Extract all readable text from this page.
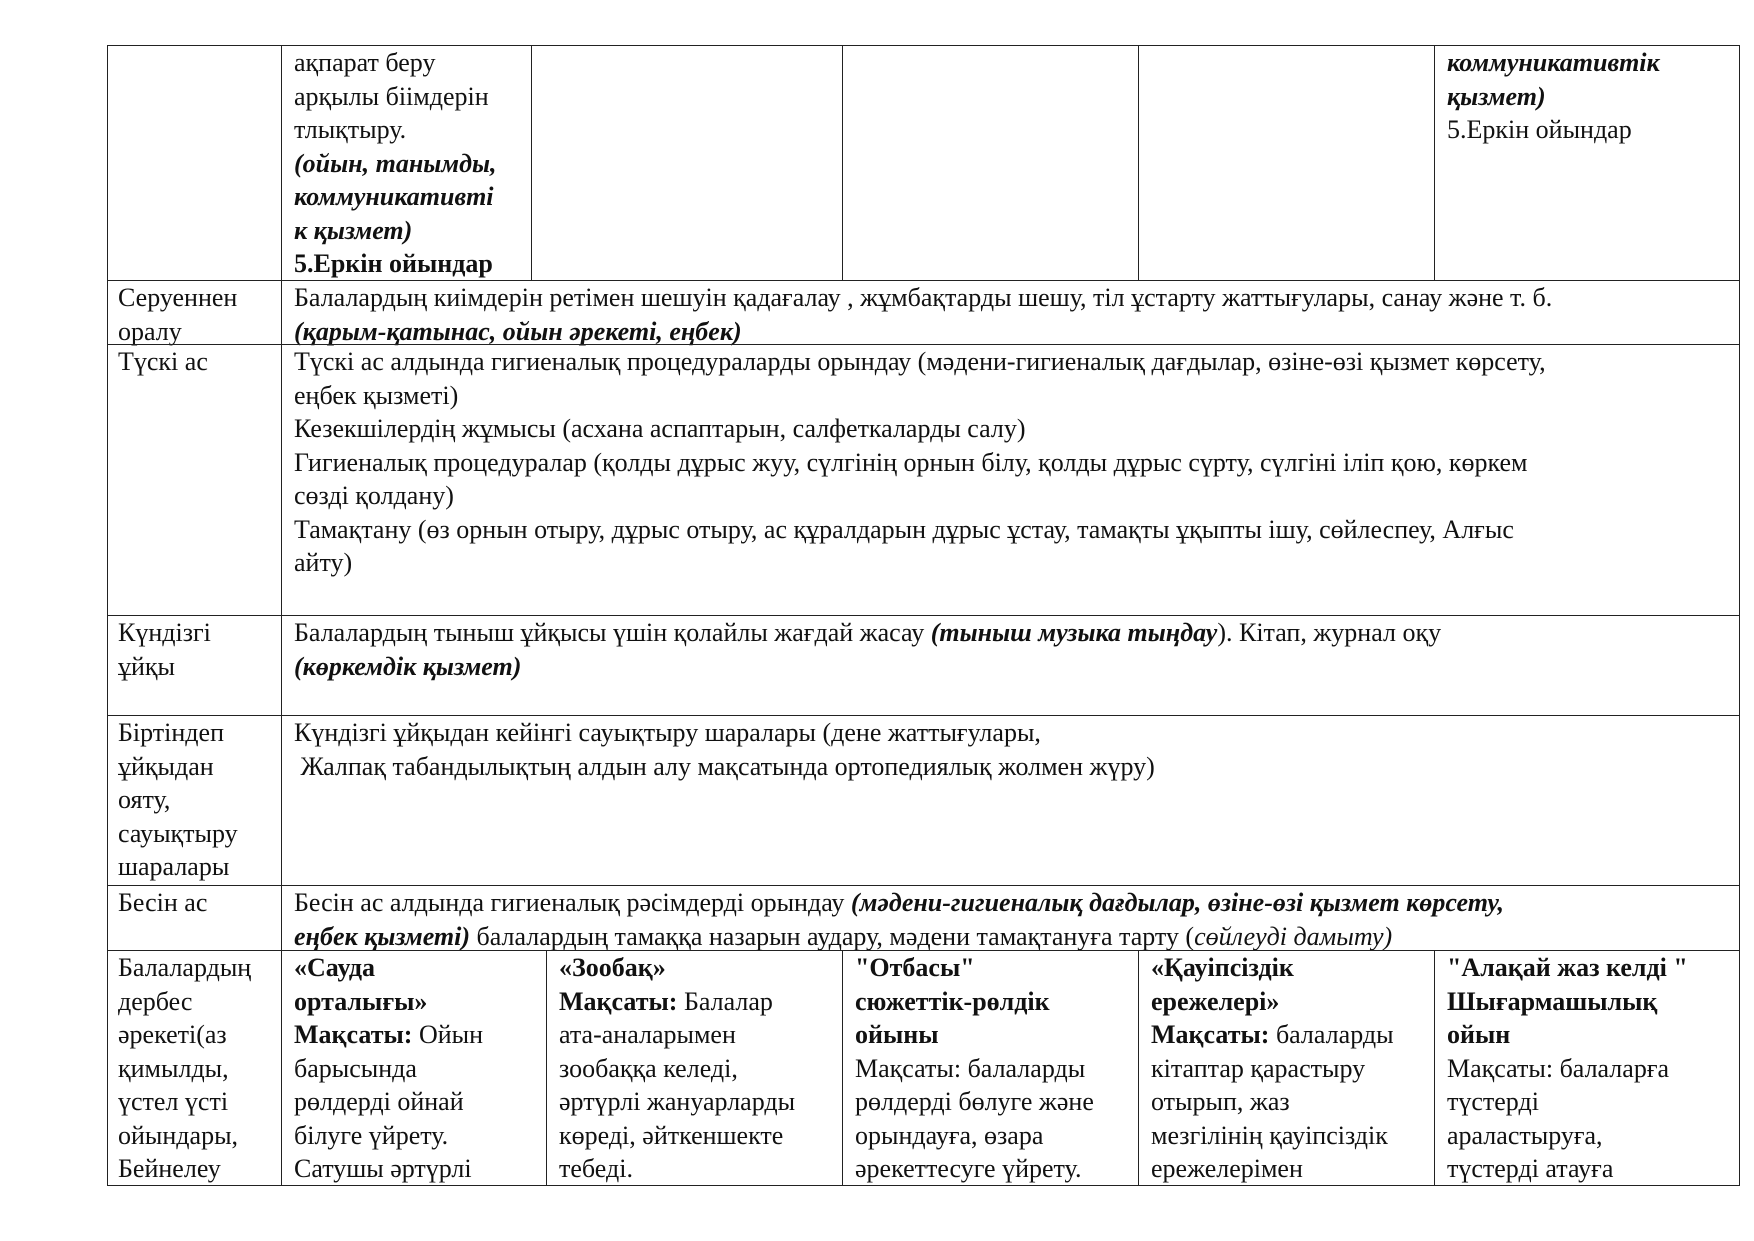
ақпарат беру
арқылы біімдерін
тлықтыру.
(ойын, танымды,
коммуникативті
к қызмет)
5.Еркін ойындар
коммуникативтік
қызмет)
5.Еркін ойындар
Серуеннен
оралу
Балалардың киімдерін ретімен шешуін қадағалау , жұмбақтарды шешу, тіл ұстарту жаттығулары, санау және т. б.
(қарым-қатынас, ойын әрекеті, еңбек)
Түскі ас	Түскі ас алдында гигиеналық процедураларды орындау (мәдени-гигиеналық дағдылар, өзіне-өзі қызмет көрсету,
еңбек қызметі)
Кезекшілердің жұмысы (асхана аспаптарын, салфеткаларды салу)
Гигиеналық процедуралар (қолды дұрыс жуу, сүлгінің орнын білу, қолды дұрыс сүрту, сүлгіні іліп қою, көркем
сөзді қолдану)
Тамақтану (өз орнын отыру, дұрыс отыру, ас құралдарын дұрыс ұстау, тамақты ұқыпты ішу, сөйлеспеу, Алғыс
айту)
Күндізгі
ұйқы
Балалардың тыныш ұйқысы үшін қолайлы жағдай жасау (тыныш музыка тыңдау). Кітап, журнал оқу
(көркемдік қызмет)
Біртіндеп
ұйқыдан
ояту,
сауықтыру
шаралары
Күндізгі ұйқыдан кейінгі сауықтыру шаралары (дене жаттығулары,
Жалпақ табандылықтың алдын алу мақсатында ортопедиялық жолмен жүру)
Бесін ас	Бесін ас алдында гигиеналық рәсімдерді орындау (мәдени-гигиеналық дағдылар, өзіне-өзі қызмет көрсету,
еңбек қызметі) балалардың тамаққа назарын аудару, мәдени тамақтануға тарту (сөйлеуді дамыту)
Балалардың
дербес
әрекеті(аз
қимылды,
үстел үсті
ойындары,
Бейнелеу
«Сауда
орталығы»
Мақсаты: Ойын
барысында
рөлдерді ойнай
білуге үйрету.
Сатушы әртүрлі
«Зообақ»
Мақсаты: Балалар
ата-аналарымен
зообаққа келеді,
әртүрлі жануарларды
көреді, әйткеншекте
тебеді.
"Отбасы"
сюжеттік-рөлдік
ойыны
Мақсаты: балаларды
рөлдерді бөлуге және
орындауға, өзара
әрекеттесуге үйрету.
«Қауіпсіздік
ережелері»
Мақсаты: балаларды
кітаптар қарастыру
отырып, жаз
мезгілінің қауіпсіздік
ережелерімен
"Алақай жаз келді "
Шығармашылық
ойын
Мақсаты: балаларға
түстерді
араластыруға,
түстерді атауға
